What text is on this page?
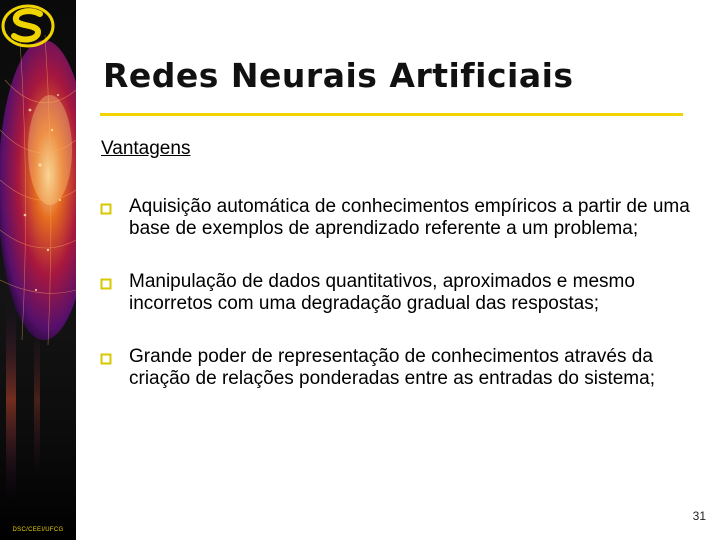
DSC/CEEI/UFCG
Redes Neurais Artificiais
Vantagens
Aquisição automática de conhecimentos empíricos a partir de uma base de exemplos de aprendizado referente a um problema;
Manipulação de dados quantitativos, aproximados e mesmo incorretos com uma degradação gradual das respostas;
Grande poder de representação de conhecimentos através da criação de relações ponderadas entre as entradas do sistema;
31
